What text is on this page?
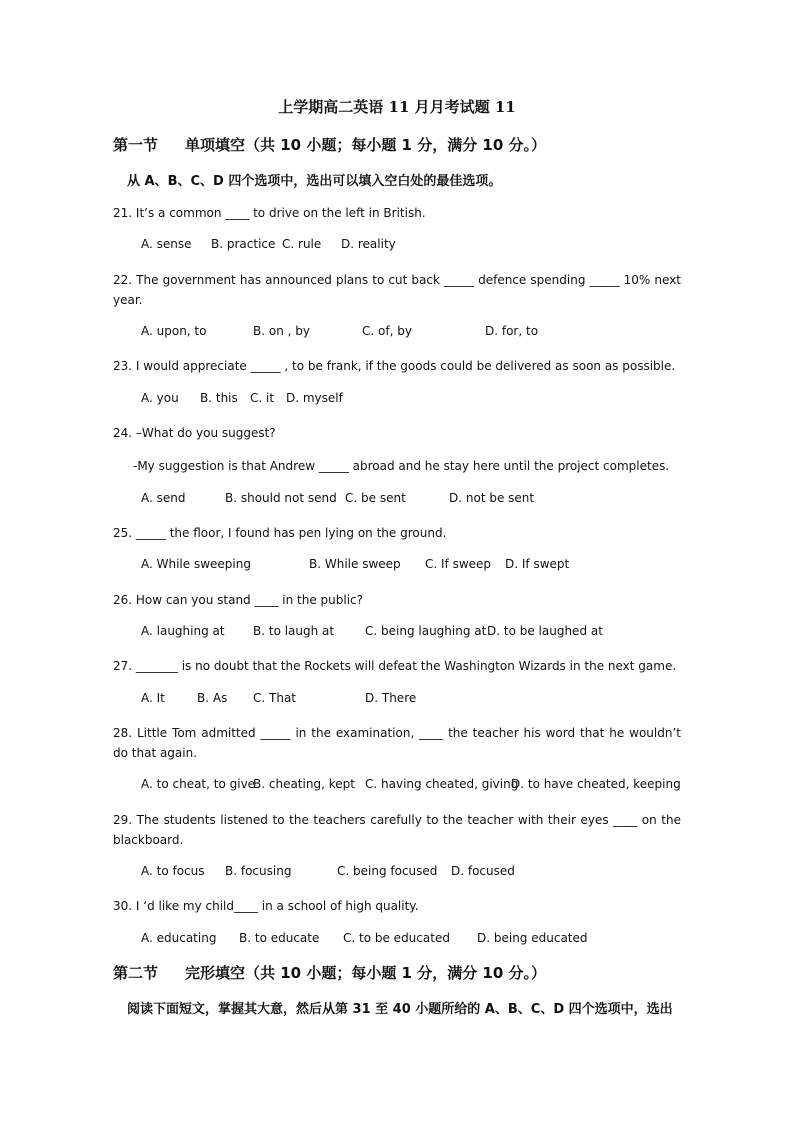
上学期高二英语 11 月月考试题 11
第一节 单项填空（共 10 小题；每小题 1 分，满分 10 分。）
从 A、B、C、D 四个选项中，选出可以填入空白处的最佳选项。
21. It’s a common ____ to drive on the left in British.
A. sense B. practice C. rule D. reality
22. The government has announced plans to cut back _____ defence spending _____ 10% next year.
A. upon, to	B. on , by	C. of, by	D. for, to
23. I would appreciate _____ , to be frank, if the goods could be delivered as soon as possible.
A. you B. this C. it D. myself
24. –What do you suggest?
-My suggestion is that Andrew _____ abroad and he stay here until the project completes.
A. send	B. should not send C. be sent	D. not be sent
25. _____ the floor, I found has pen lying on the ground.
A. While sweeping	B. While sweep C. If sweep D. If swept
26. How can you stand ____ in the public?
A. laughing at B. to laugh at	C. being laughing at D. to be laughed at
27. _______ is no doubt that the Rockets will defeat the Washington Wizards in the next game.
A. It	B. As C. That	D. There
28. Little Tom admitted _____ in the examination, ____ the teacher his word that he wouldn’t do that again.
A. to cheat, to give
B. cheating, kept C. having cheated, giving
D. to have cheated, keeping
29. The students listened to the teachers carefully to the teacher with their eyes ____ on the blackboard.
A. to focus B. focusing	C. being focused D. focused
30. I ‘d like my child____ in a school of high quality.
A. educating B. to educate C. to be educated D. being educated
第二节 完形填空（共 10 小题；每小题 1 分，满分 10 分。）
阅读下面短文，掌握其大意，然后从第 31 至 40 小题所给的 A、B、C、D 四个选项中，选出
